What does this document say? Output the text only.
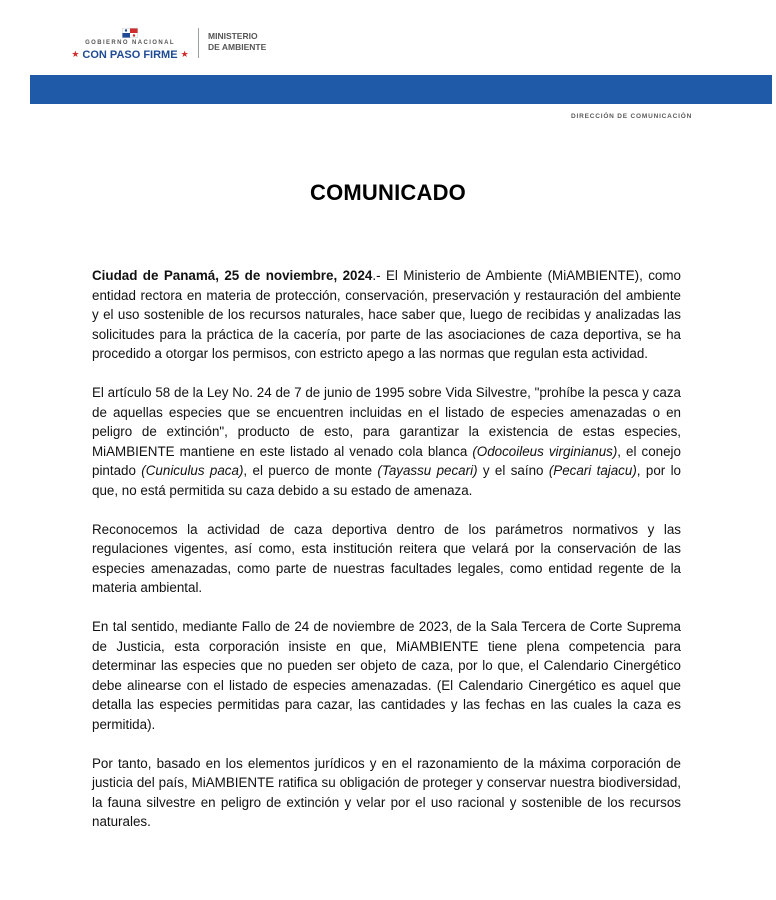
GOBIERNO NACIONAL
★ CON PASO FIRME ★
MINISTERIO
DE AMBIENTE
DIRECCIÓN DE COMUNICACIÓN
COMUNICADO

Ciudad de Panamá, 25 de noviembre, 2024.- El Ministerio de Ambiente (MiAMBIENTE), como entidad rectora en materia de protección, conservación, preservación y restauración del ambiente y el uso sostenible de los recursos naturales, hace saber que, luego de recibidas y analizadas las solicitudes para la práctica de la cacería, por parte de las asociaciones de caza deportiva, se ha procedido a otorgar los permisos, con estricto apego a las normas que regulan esta actividad.

El artículo 58 de la Ley No. 24 de 7 de junio de 1995 sobre Vida Silvestre, "prohíbe la pesca y caza de aquellas especies que se encuentren incluidas en el listado de especies amenazadas o en peligro de extinción", producto de esto, para garantizar la existencia de estas especies, MiAMBIENTE mantiene en este listado al venado cola blanca (Odocoileus virginianus), el conejo pintado (Cuniculus paca), el puerco de monte (Tayassu pecari) y el saíno (Pecari tajacu), por lo que, no está permitida su caza debido a su estado de amenaza.

Reconocemos la actividad de caza deportiva dentro de los parámetros normativos y las regulaciones vigentes, así como, esta institución reitera que velará por la conservación de las especies amenazadas, como parte de nuestras facultades legales, como entidad regente de la materia ambiental.

En tal sentido, mediante Fallo de 24 de noviembre de 2023, de la Sala Tercera de Corte Suprema de Justicia, esta corporación insiste en que, MiAMBIENTE tiene plena competencia para determinar las especies que no pueden ser objeto de caza, por lo que, el Calendario Cinergético debe alinearse con el listado de especies amenazadas. (El Calendario Cinergético es aquel que detalla las especies permitidas para cazar, las cantidades y las fechas en las cuales la caza es permitida).

Por tanto, basado en los elementos jurídicos y en el razonamiento de la máxima corporación de justicia del país, MiAMBIENTE ratifica su obligación de proteger y conservar nuestra biodiversidad, la fauna silvestre en peligro de extinción y velar por el uso racional y sostenible de los recursos naturales.
